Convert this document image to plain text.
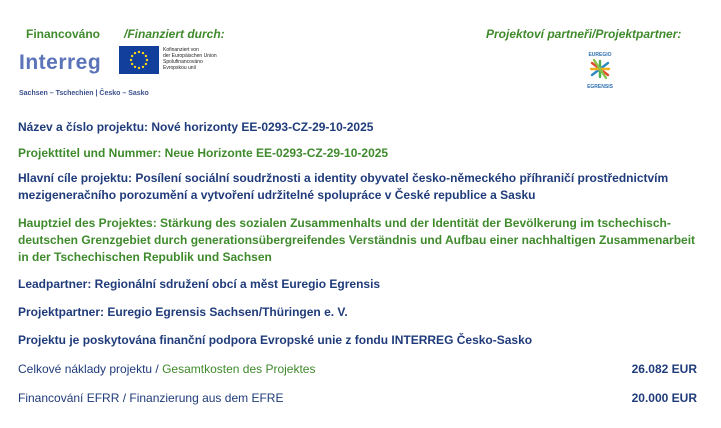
Financováno /Finanziert durch:	Projektoví partneři/Projektpartner:
Interreg
Kofinanziert von
der Europäischen Union
Spolufinancováno
Evropskou unií
Sachsen – Tschechien | Česko – Sasko
EUREGIO
EGRENSIS
Název a číslo projektu: Nové horizonty EE-0293-CZ-29-10-2025
Projekttitel und Nummer: Neue Horizonte EE-0293-CZ-29-10-2025
Hlavní cíle projektu: Posílení sociální soudržnosti a identity obyvatel česko-německého příhraničí prostřednictvím mezigeneračního porozumění a vytvoření udržitelné spolupráce v České republice a Sasku
Hauptziel des Projektes: Stärkung des sozialen Zusammenhalts und der Identität der Bevölkerung im tschechisch-deutschen Grenzgebiet durch generationsübergreifendes Verständnis und Aufbau einer nachhaltigen Zusammenarbeit in der Tschechischen Republik und Sachsen
Leadpartner: Regionální sdružení obcí a měst Euregio Egrensis
Projektpartner: Euregio Egrensis Sachsen/Thüringen e. V.
Projektu je poskytována finanční podpora Evropské unie z fondu INTERREG Česko-Sasko
Celkové náklady projektu / Gesamtkosten des Projektes	26.082 EUR
Financování EFRR / Finanzierung aus dem EFRE	20.000 EUR
